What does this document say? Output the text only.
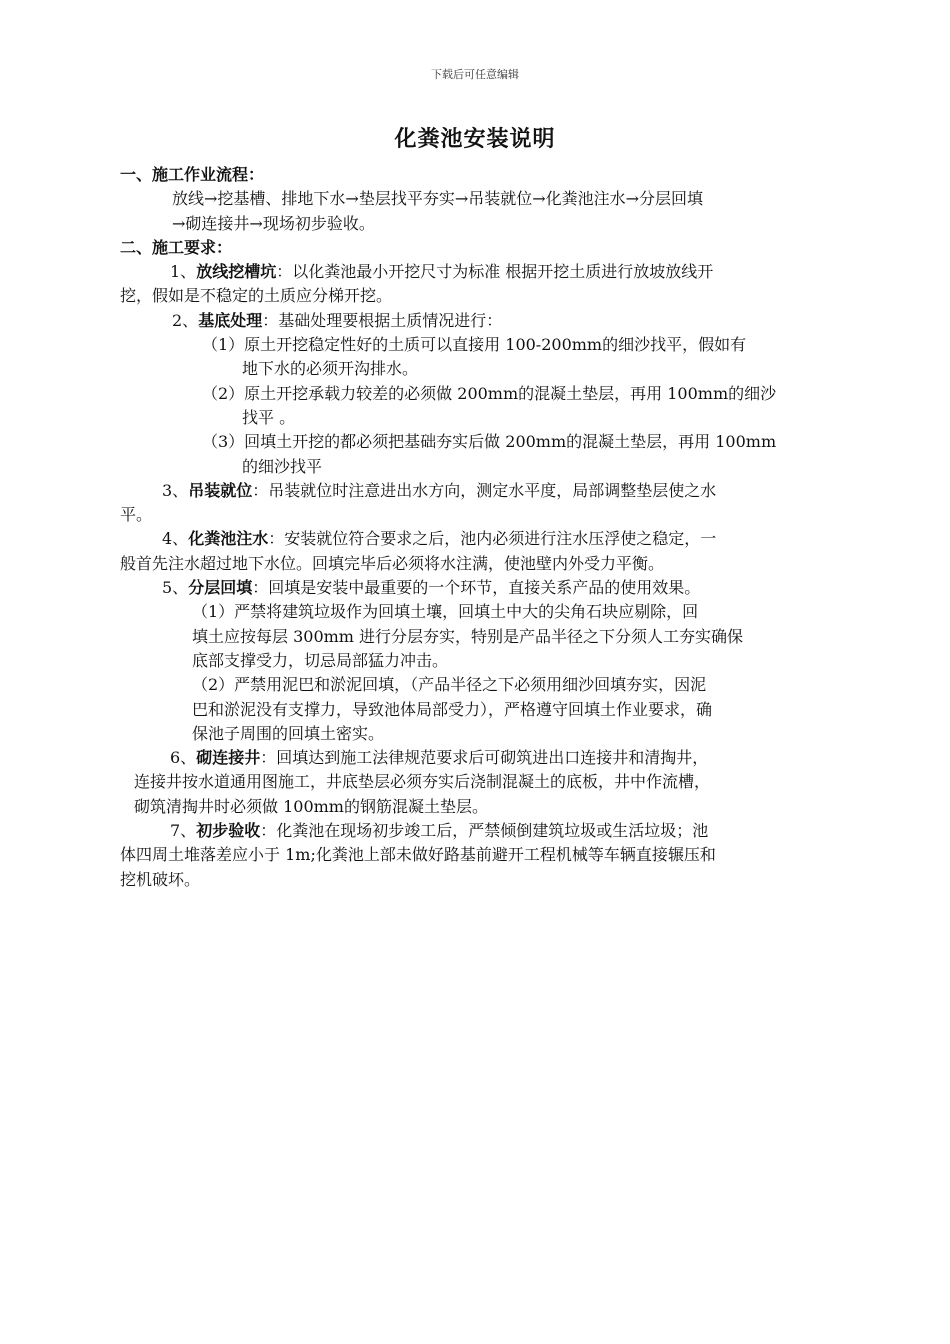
下载后可任意编辑
化粪池安装说明
一、施工作业流程：
放线→挖基槽、排地下水→垫层找平夯实→吊装就位→化粪池注水→分层回填
→砌连接井→现场初步验收。
二、施工要求：
1、放线挖槽坑：以化粪池最小开挖尺寸为标准 根据开挖土质进行放坡放线开
挖，假如是不稳定的土质应分梯开挖。
2、基底处理：基础处理要根据土质情况进行：
（1）原土开挖稳定性好的土质可以直接用 100-200mm的细沙找平，假如有
地下水的必须开沟排水。
（2）原土开挖承载力较差的必须做 200mm的混凝土垫层，再用 100mm的细沙
找平 。
（3）回填土开挖的都必须把基础夯实后做 200mm的混凝土垫层，再用 100mm
的细沙找平
3、吊装就位：吊装就位时注意进出水方向，测定水平度，局部调整垫层使之水
平。
4、化粪池注水：安装就位符合要求之后，池内必须进行注水压浮使之稳定，一
般首先注水超过地下水位。回填完毕后必须将水注满，使池壁内外受力平衡。
5、分层回填：回填是安装中最重要的一个环节，直接关系产品的使用效果。
（1）严禁将建筑垃圾作为回填土壤，回填土中大的尖角石块应剔除，回
填土应按每层 300mm 进行分层夯实，特别是产品半径之下分须人工夯实确保
底部支撑受力，切忌局部猛力冲击。
（2）严禁用泥巴和淤泥回填，（产品半径之下必须用细沙回填夯实，因泥
巴和淤泥没有支撑力，导致池体局部受力），严格遵守回填土作业要求，确
保池子周围的回填土密实。
6、砌连接井：回填达到施工法律规范要求后可砌筑进出口连接井和清掏井，
连接井按水道通用图施工，井底垫层必须夯实后浇制混凝土的底板，井中作流槽，
砌筑清掏井时必须做 100mm的钢筋混凝土垫层。
7、初步验收：化粪池在现场初步竣工后，严禁倾倒建筑垃圾或生活垃圾；池
体四周土堆落差应小于 1m;化粪池上部未做好路基前避开工程机械等车辆直接辗压和
挖机破坏。
